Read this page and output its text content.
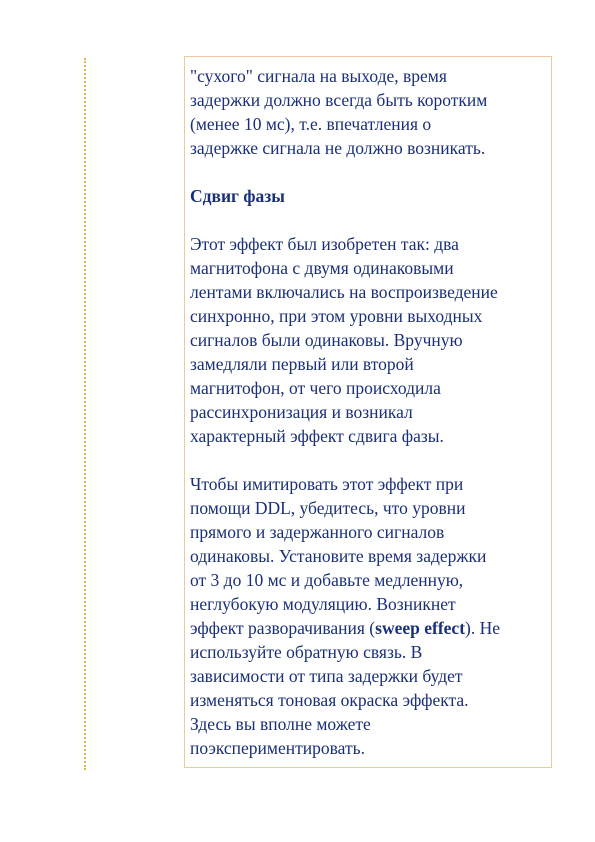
"сухого" сигнала на выходе, время
задержки должно всегда быть коротким
(менее 10 мс), т.е. впечатления о
задержке сигнала не должно возникать.

Сдвиг фазы

Этот эффект был изобретен так: два
магнитофона с двумя одинаковыми
лентами включались на воспроизведение
синхронно, при этом уровни выходных
сигналов были одинаковы. Вручную
замедляли первый или второй
магнитофон, от чего происходила
рассинхронизация и возникал
характерный эффект сдвига фазы.

Чтобы имитировать этот эффект при
помощи DDL, убедитесь, что уровни
прямого и задержанного сигналов
одинаковы. Установите время задержки
от 3 до 10 мс и добавьте медленную,
неглубокую модуляцию. Возникнет
эффект разворачивания (sweep effect). Не
используйте обратную связь. В
зависимости от типа задержки будет
изменяться тоновая окраска эффекта.
Здесь вы вполне можете
поэкспериментировать.
